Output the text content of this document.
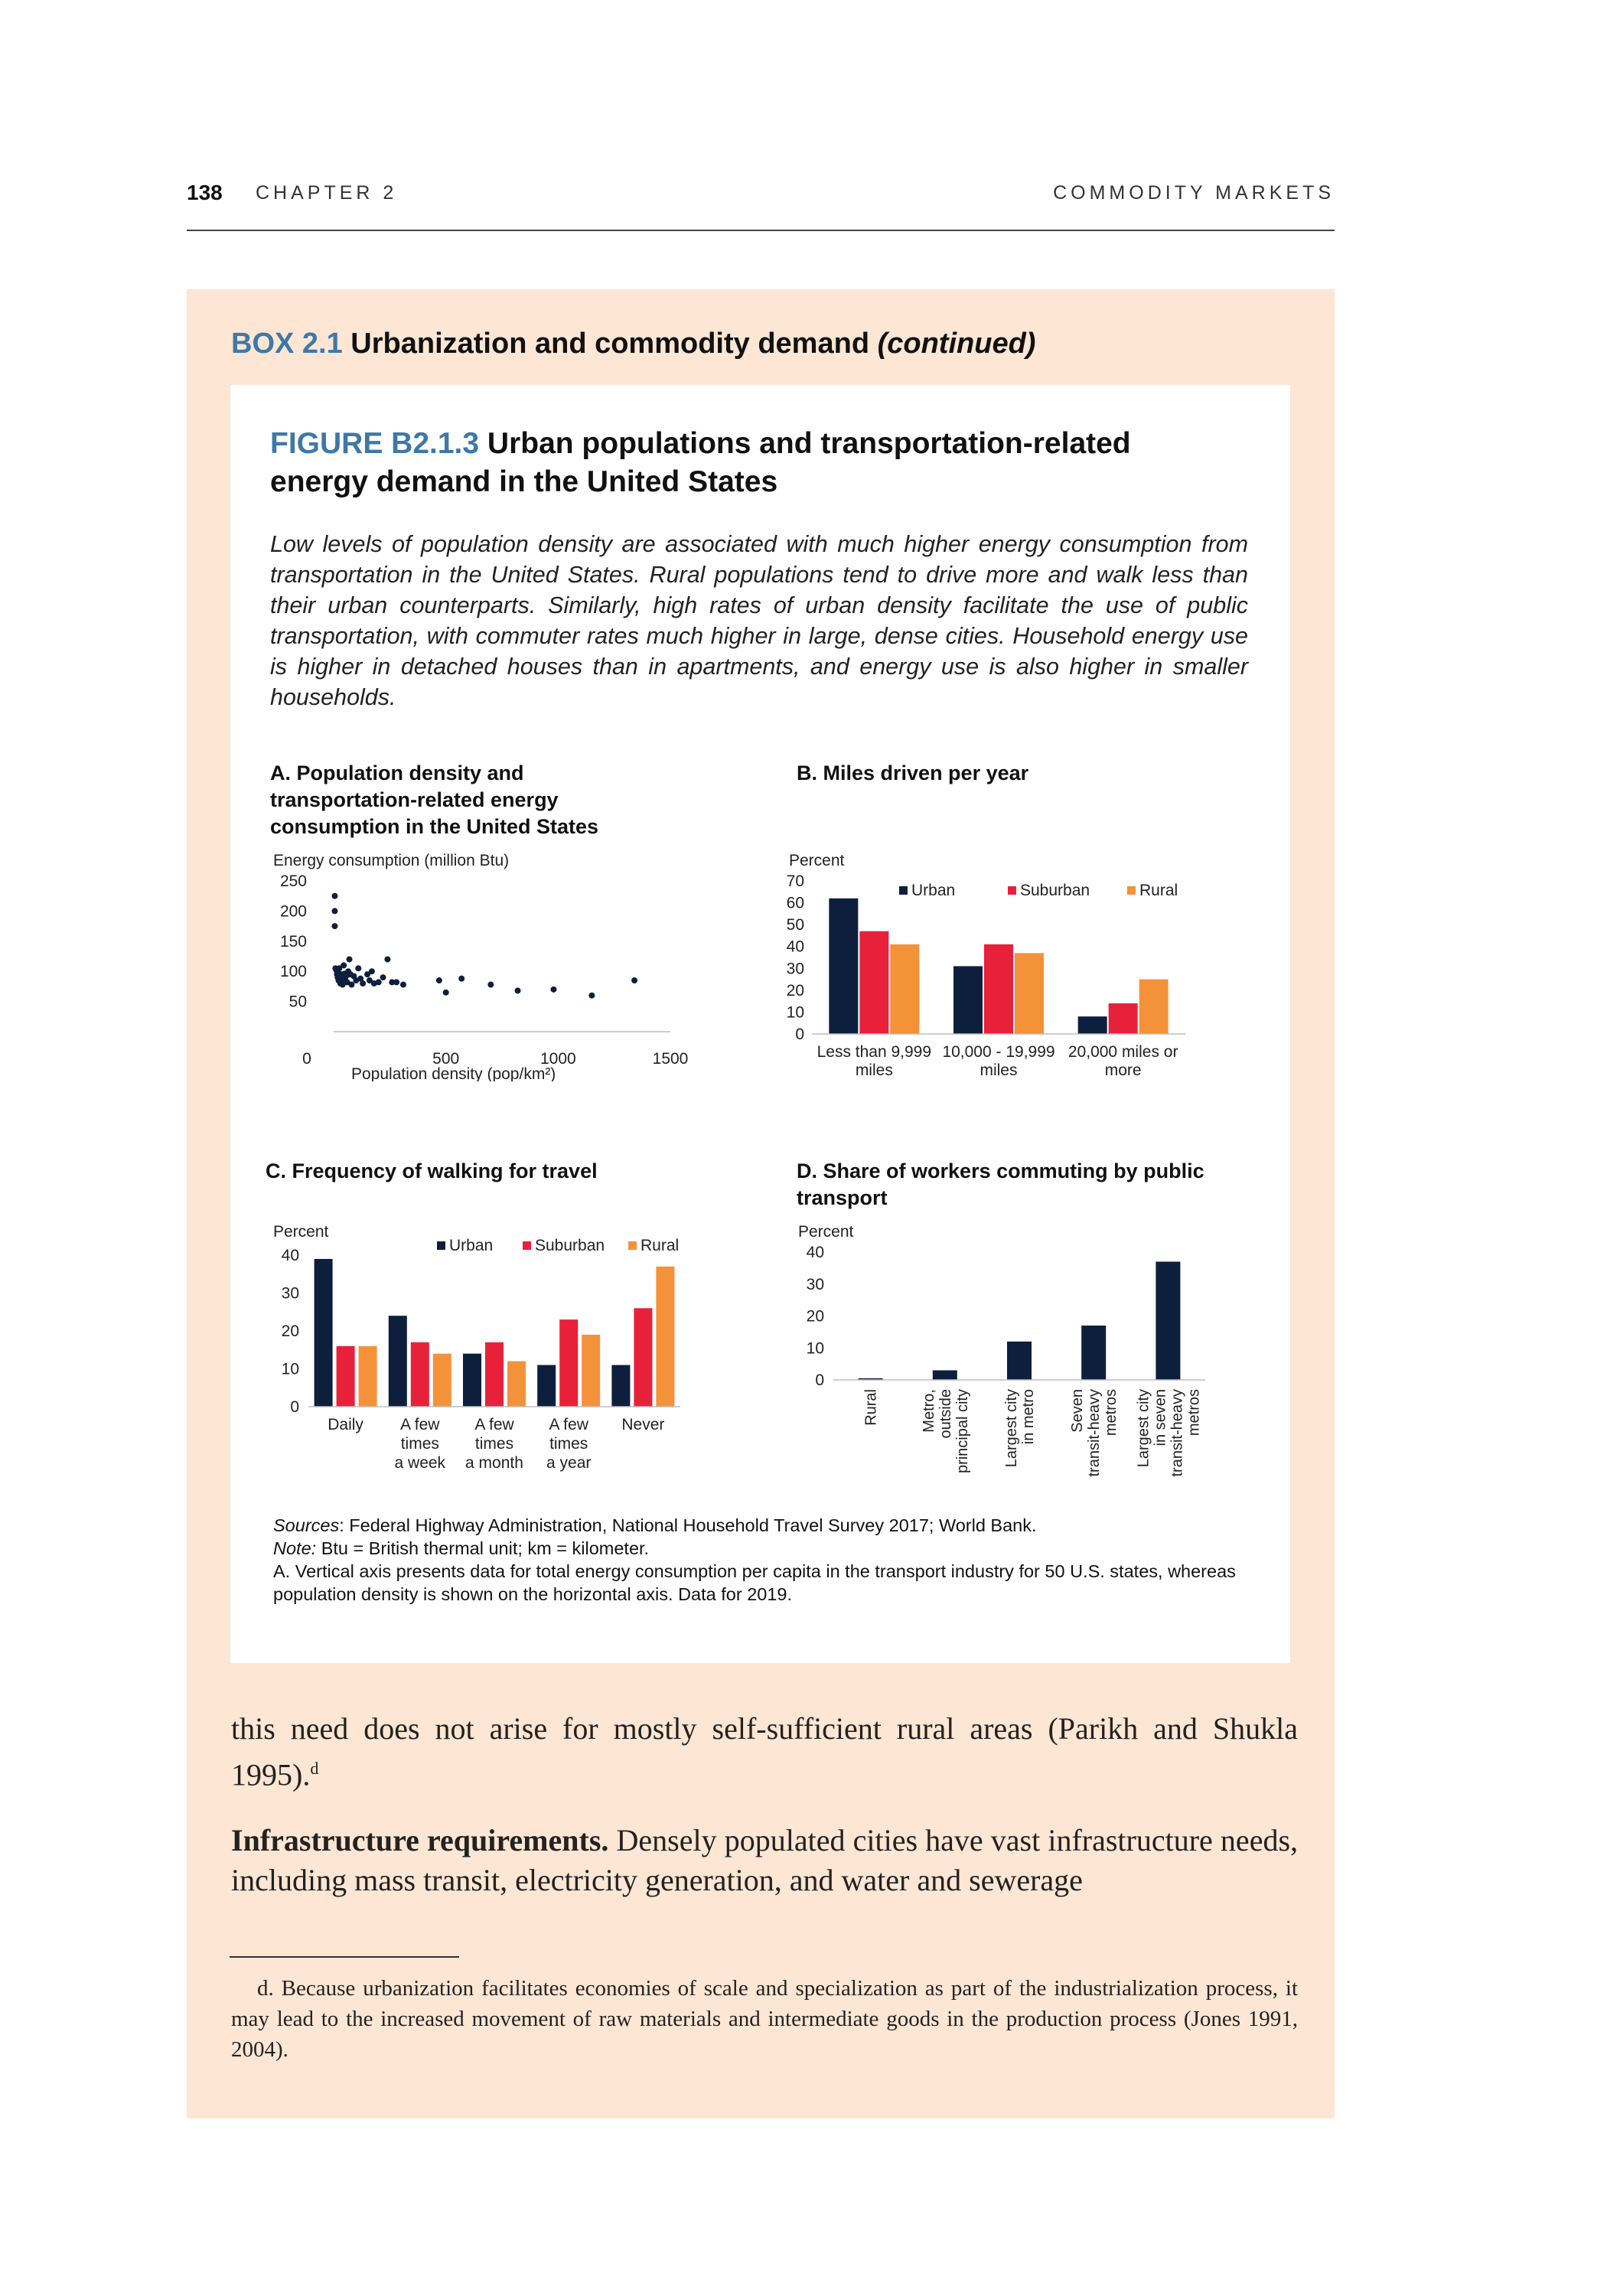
138 CHAPTER 2	COMMODITY MARKETS
BOX 2.1 Urbanization and commodity demand (continued)
FIGURE B2.1.3 Urban populations and transportation-related energy demand in the United States
Low levels of population density are associated with much higher energy consumption from transportation in the United States. Rural populations tend to drive more and walk less than their urban counterparts. Similarly, high rates of urban density facilitate the use of public transportation, with commuter rates much higher in large, dense cities. Household energy use is higher in detached houses than in apartments, and energy use is also higher in smaller households.
A. Population density and transportation-related energy consumption in the United States
B. Miles driven per year
C. Frequency of walking for travel	D. Share of workers commuting by public transport
Energy consumption (million Btu)
50
100
150
200
250
0	500	1000	1500
Population density (pop/km²)
Percent
0
10
20
30
40
50
60
70
Urban	Suburban	Rural
Less than 9,999
miles
10,000 - 19,999
miles
20,000 miles or
more
Percent
0
10
20
30
40
Urban	Suburban Rural
Daily A few
times
a week
A few
times
a month
A few
times
a year
Never
Percent
0
10
20
30
40
Rural	Metro, outside principal city Largest city in metro Seven transit-heavy metros Largest city in seven transit-heavy metros
Sources: Federal Highway Administration, National Household Travel Survey 2017; World Bank.
Note: Btu = British thermal unit; km = kilometer.
A. Vertical axis presents data for total energy consumption per capita in the transport industry for 50 U.S. states, whereas population density is shown on the horizontal axis. Data for 2019.

this need does not arise for mostly self-sufficient rural areas (Parikh and Shukla 1995).$^d$

Infrastructure requirements. Densely populated cities have vast infrastructure needs, including mass transit, electricity generation, and water and sewerage

d. Because urbanization facilitates economies of scale and specialization as part of the industrialization process, it may lead to the increased movement of raw materials and intermediate goods in the production process (Jones 1991, 2004).
